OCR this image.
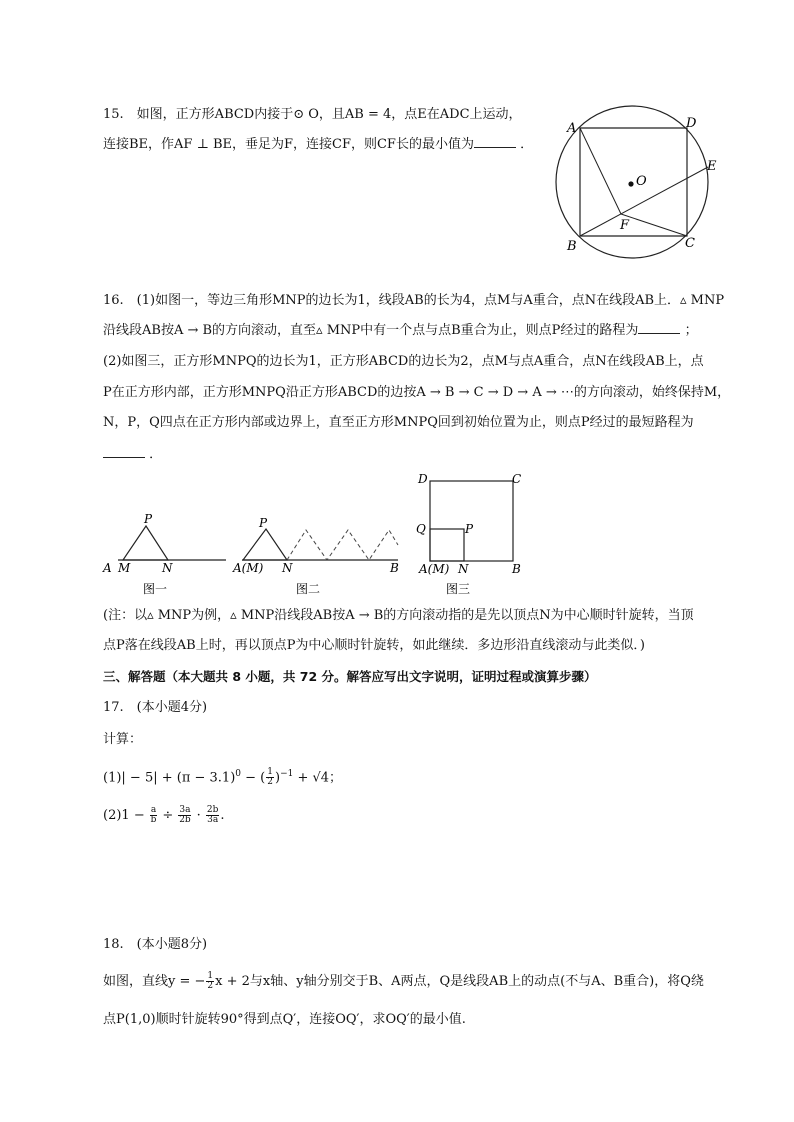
15.　如图，正方形ABCD内接于⊙ O，且AB = 4，点E在ADC上运动，
连接BE，作AF ⊥ BE，垂足为F，连接CF，则CF长的最小值为	．
A	D
E
O
F
B	C
16.　(1)如图一，等边三角形MNP的边长为1，线段AB的长为4，点M与A重合，点N在线段AB上．▵ MNP
沿线段AB按A → B的方向滚动，直至▵ MNP中有一个点与点B重合为止，则点P经过的路程为	；
(2)如图三，正方形MNPQ的边长为1，正方形ABCD的边长为2，点M与点A重合，点N在线段AB上，点
P在正方形内部，正方形MNPQ沿正方形ABCD的边按A → B → C → D → A → ⋯的方向滚动，始终保持M，
N，P，Q四点在正方形内部或边界上，直至正方形MNPQ回到初始位置为止，则点P经过的最短路程为
．
P
A M	N
图一
P
A(M) N	B
图二
D	C
Q	P
A(M) N	B
图三
(注：以▵ MNP为例，▵ MNP沿线段AB按A → B的方向滚动指的是先以顶点N为中心顺时针旋转，当顶
点P落在线段AB上时，再以顶点P为中心顺时针旋转，如此继续．多边形沿直线滚动与此类似．)
三、解答题（本大题共 8 小题，共 72 分。解答应写出文字说明，证明过程或演算步骤）
17.　(本小题4分)
计算：
$(1)| - 5| + (\pi - 3.1)^0$ − ( $\frac{1}{2} )^{-1} + √4$；
$(2)1 - \frac{a}{b} \div \frac{3a}{2b} \cdot \frac{2b}{3a}$ .
18.　(本小题8分)
如图，直线y = − $\frac{1}{2}$ x + 2与x轴、y轴分别交于B、A两点，Q是线段AB上的动点(不与A、B重合)，将Q绕
点P(1,0)顺时针旋转90°得到点Q′，连接OQ′，求OQ′的最小值.
